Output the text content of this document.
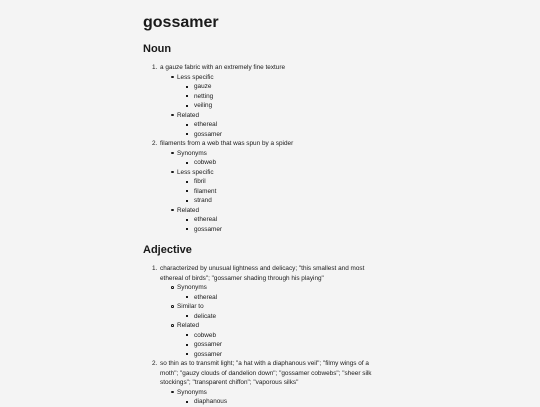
gossamer
Noun
1. a gauze fabric with an extremely fine texture
Less specific
gauze
netting
veiling
Related
ethereal
gossamer
2. filaments from a web that was spun by a spider
Synonyms
cobweb
Less specific
fibril
filament
strand
Related
ethereal
gossamer
Adjective
1. characterized by unusual lightness and delicacy; "this smallest and most
ethereal of birds"; "gossamer shading through his playing"
Synonyms
ethereal
Similar to
delicate
Related
cobweb
gossamer
gossamer
2. so thin as to transmit light; "a hat with a diaphanous veil"; "filmy wings of a
moth"; "gauzy clouds of dandelion down"; "gossamer cobwebs"; "sheer silk
stockings"; "transparent chiffon"; "vaporous silks"
Synonyms
diaphanous
